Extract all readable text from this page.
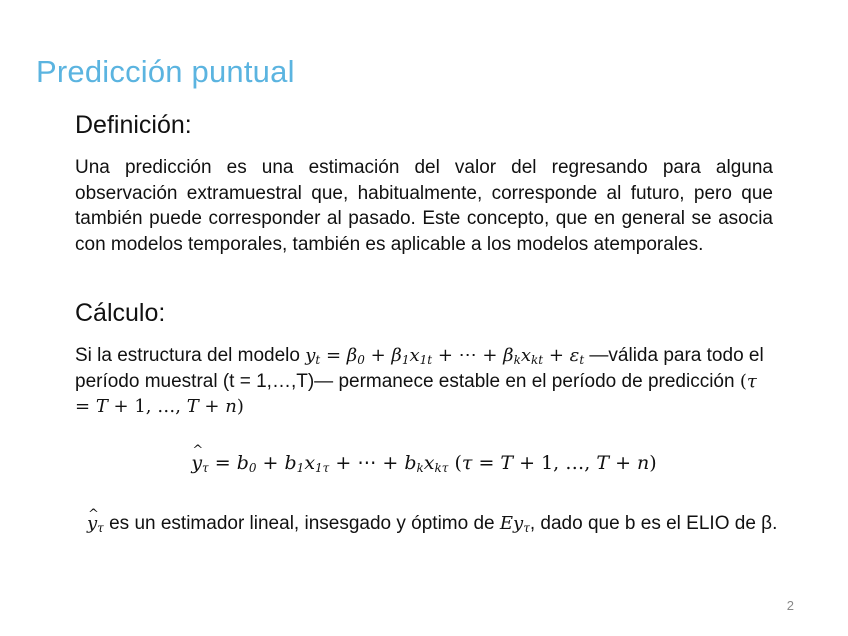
Predicción puntual
Definición:
Una predicción es una estimación del valor del regresando para alguna observación extramuestral que, habitualmente, corresponde al futuro, pero que también puede corresponder al pasado. Este concepto, que en general se asocia con modelos temporales, también es aplicable a los modelos atemporales.
Cálculo:
Si la estructura del modelo $y_t = \beta_0 + \beta_1x_{1t}$ + ⋯ + $\beta_kx_{kt} + \varepsilon_t$ —válida para todo el período muestral (t = 1,…,T)— permanece estable en el período de predicción (τ = T + 1, …, T + n)
^ $y_\tau = b_0 + b_1x_{1\tau}$ + ⋯ + $b_kx_{k\tau}$ (τ = T + 1, …, T + n)
^ $y_\tau$ es un estimador lineal, insesgado y óptimo de $Ey_\tau$, dado que b es el ELIO de β.
2
